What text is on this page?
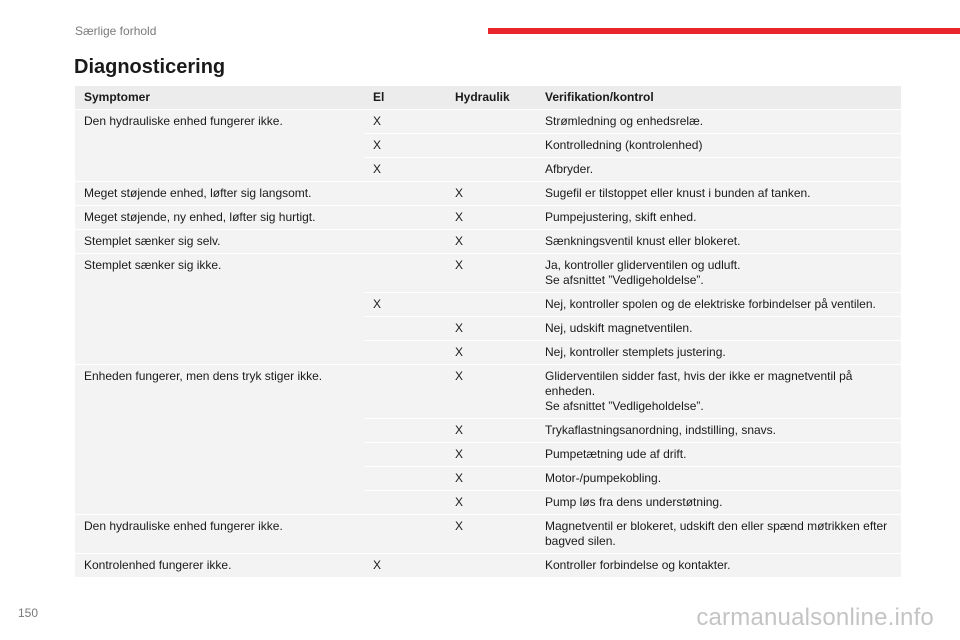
Særlige forhold
Diagnosticering
Symptomer	El	Hydraulik	Verifikation/kontrol
Den hydrauliske enhed fungerer ikke.	X		Strømledning og enhedsrelæ.
	X		Kontrolledning (kontrolenhed)
	X		Afbryder.
Meget støjende enhed, løfter sig langsomt.		X	Sugefil er tilstoppet eller knust i bunden af tanken.
Meget støjende, ny enhed, løfter sig hurtigt.		X	Pumpejustering, skift enhed.
Stemplet sænker sig selv.		X	Sænkningsventil knust eller blokeret.
Stemplet sænker sig ikke.		X	Ja, kontroller gliderventilen og udluft.
Se afsnittet ”Vedligeholdelse”.
	X		Nej, kontroller spolen og de elektriske forbindelser på ventilen.
		X	Nej, udskift magnetventilen.
		X	Nej, kontroller stemplets justering.
Enheden fungerer, men dens tryk stiger ikke.		X	Gliderventilen sidder fast, hvis der ikke er magnetventil på
enheden.
Se afsnittet ”Vedligeholdelse”.
		X	Trykaflastningsanordning, indstilling, snavs.
		X	Pumpetætning ude af drift.
		X	Motor-/pumpekobling.
		X	Pump løs fra dens understøtning.
Den hydrauliske enhed fungerer ikke.		X	Magnetventil er blokeret, udskift den eller spænd møtrikken efter
bagved silen.
Kontrolenhed fungerer ikke.	X		Kontroller forbindelse og kontakter.
150	carmanualsonline.info
